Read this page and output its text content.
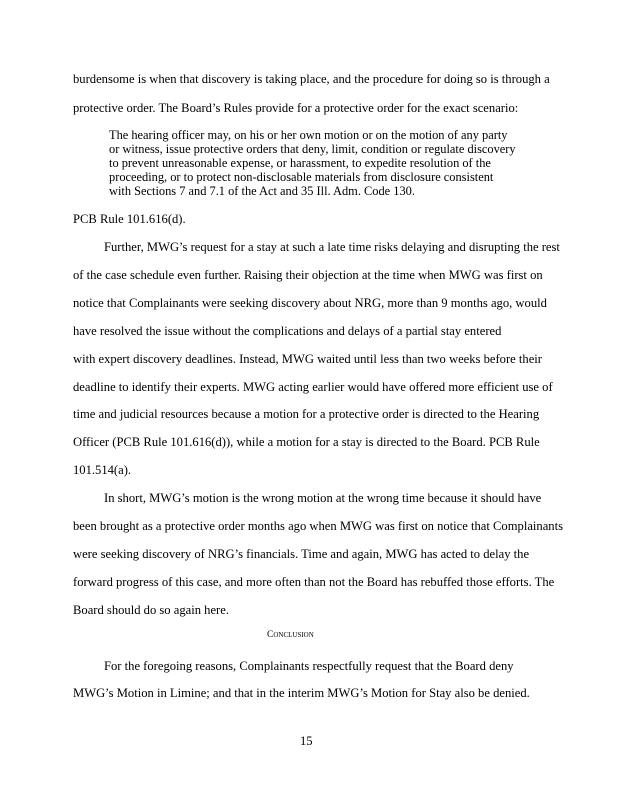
burdensome is when that discovery is taking place, and the procedure for doing so is through a
protective order. The Board’s Rules provide for a protective order for the exact scenario:
The hearing officer may, on his or her own motion or on the motion of any party
or witness, issue protective orders that deny, limit, condition or regulate discovery
to prevent unreasonable expense, or harassment, to expedite resolution of the
proceeding, or to protect non-disclosable materials from disclosure consistent
with Sections 7 and 7.1 of the Act and 35 Ill. Adm. Code 130.
PCB Rule 101.616(d).
Further, MWG’s request for a stay at such a late time risks delaying and disrupting the rest
of the case schedule even further. Raising their objection at the time when MWG was first on
notice that Complainants were seeking discovery about NRG, more than 9 months ago, would
have resolved the issue without the complications and delays of a partial stay entered
with expert discovery deadlines. Instead, MWG waited until less than two weeks before their
deadline to identify their experts. MWG acting earlier would have offered more efficient use of
time and judicial resources because a motion for a protective order is directed to the Hearing
Officer (PCB Rule 101.616(d)), while a motion for a stay is directed to the Board. PCB Rule
101.514(a).
In short, MWG’s motion is the wrong motion at the wrong time because it should have
been brought as a protective order months ago when MWG was first on notice that Complainants
were seeking discovery of NRG’s financials. Time and again, MWG has acted to delay the
forward progress of this case, and more often than not the Board has rebuffed those efforts. The
Board should do so again here.
Conclusion
For the foregoing reasons, Complainants respectfully request that the Board deny
MWG’s Motion in Limine; and that in the interim MWG’s Motion for Stay also be denied.
15
